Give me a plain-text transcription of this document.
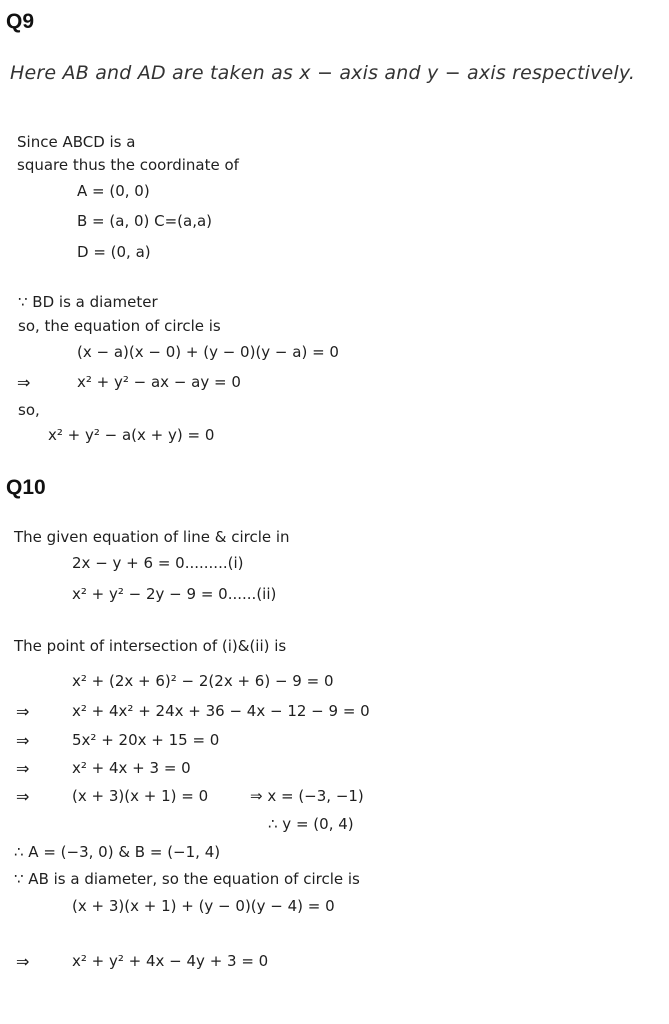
Q9
Here AB and AD are taken as x − axis and y − axis respectively.
Since ABCD is a
square thus the coordinate of
A = (0, 0)
B = (a, 0) C=(a,a)
D = (0, a)
∵ BD is a diameter
so, the equation of circle is
(x − a)(x − 0) + (y − 0)(y − a) = 0
⇒	x² + y² − ax − ay = 0
so,
x² + y² − a(x + y) = 0
Q10
The given equation of line & circle in
2x − y + 6 = 0.........(i)
x² + y² − 2y − 9 = 0......(ii)
The point of intersection of (i)&(ii) is
x² + (2x + 6)² − 2(2x + 6) − 9 = 0
⇒	x² + 4x² + 24x + 36 − 4x − 12 − 9 = 0
⇒	5x² + 20x + 15 = 0
⇒	x² + 4x + 3 = 0
⇒	(x + 3)(x + 1) = 0	⇒ x = (−3, −1)
∴ y = (0, 4)
∴ A = (−3, 0) & B = (−1, 4)
∵ AB is a diameter, so the equation of circle is
(x + 3)(x + 1) + (y − 0)(y − 4) = 0
⇒	x² + y² + 4x − 4y + 3 = 0
